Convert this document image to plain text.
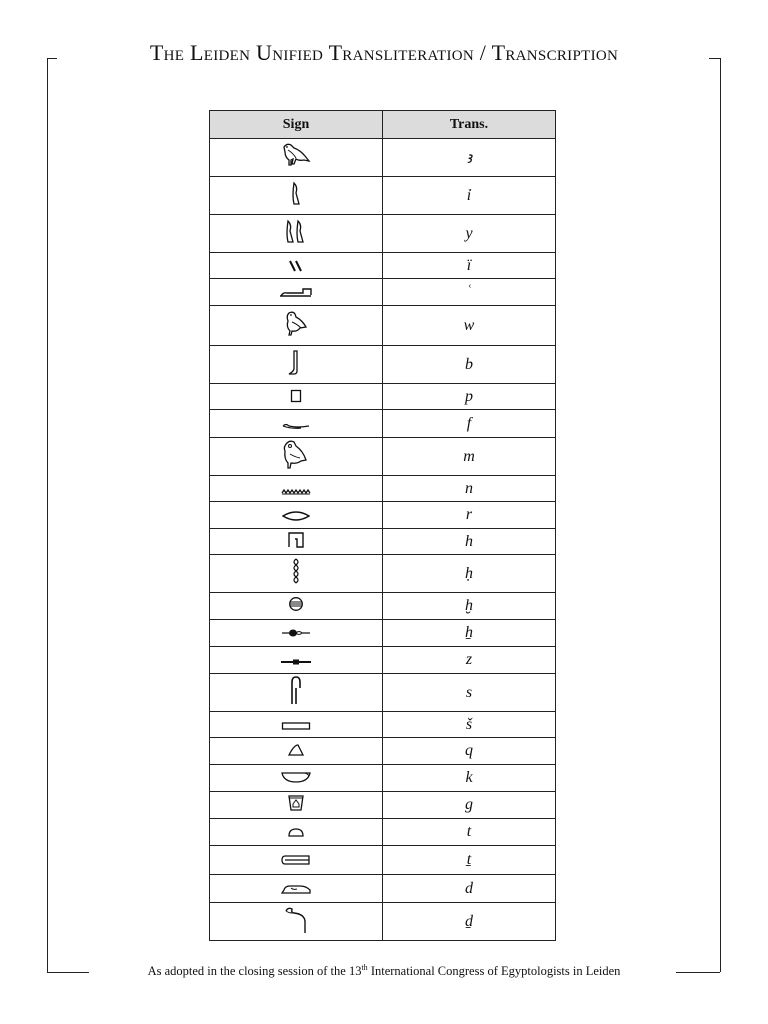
The Leiden Unified Transliteration / Transcription
Sign	Trans.
	ꜣ
	ỉ
	y
	ï
	ʿ
	w
	b
	p
	f
	m
	n
	r
	h
	ḥ
	ḫ
	ẖ
	z
	s
	š
	q
	k
	g
	t
	ṯ
	d
	ḏ
As adopted in the closing session of the 13th International Congress of Egyptologists in Leiden
